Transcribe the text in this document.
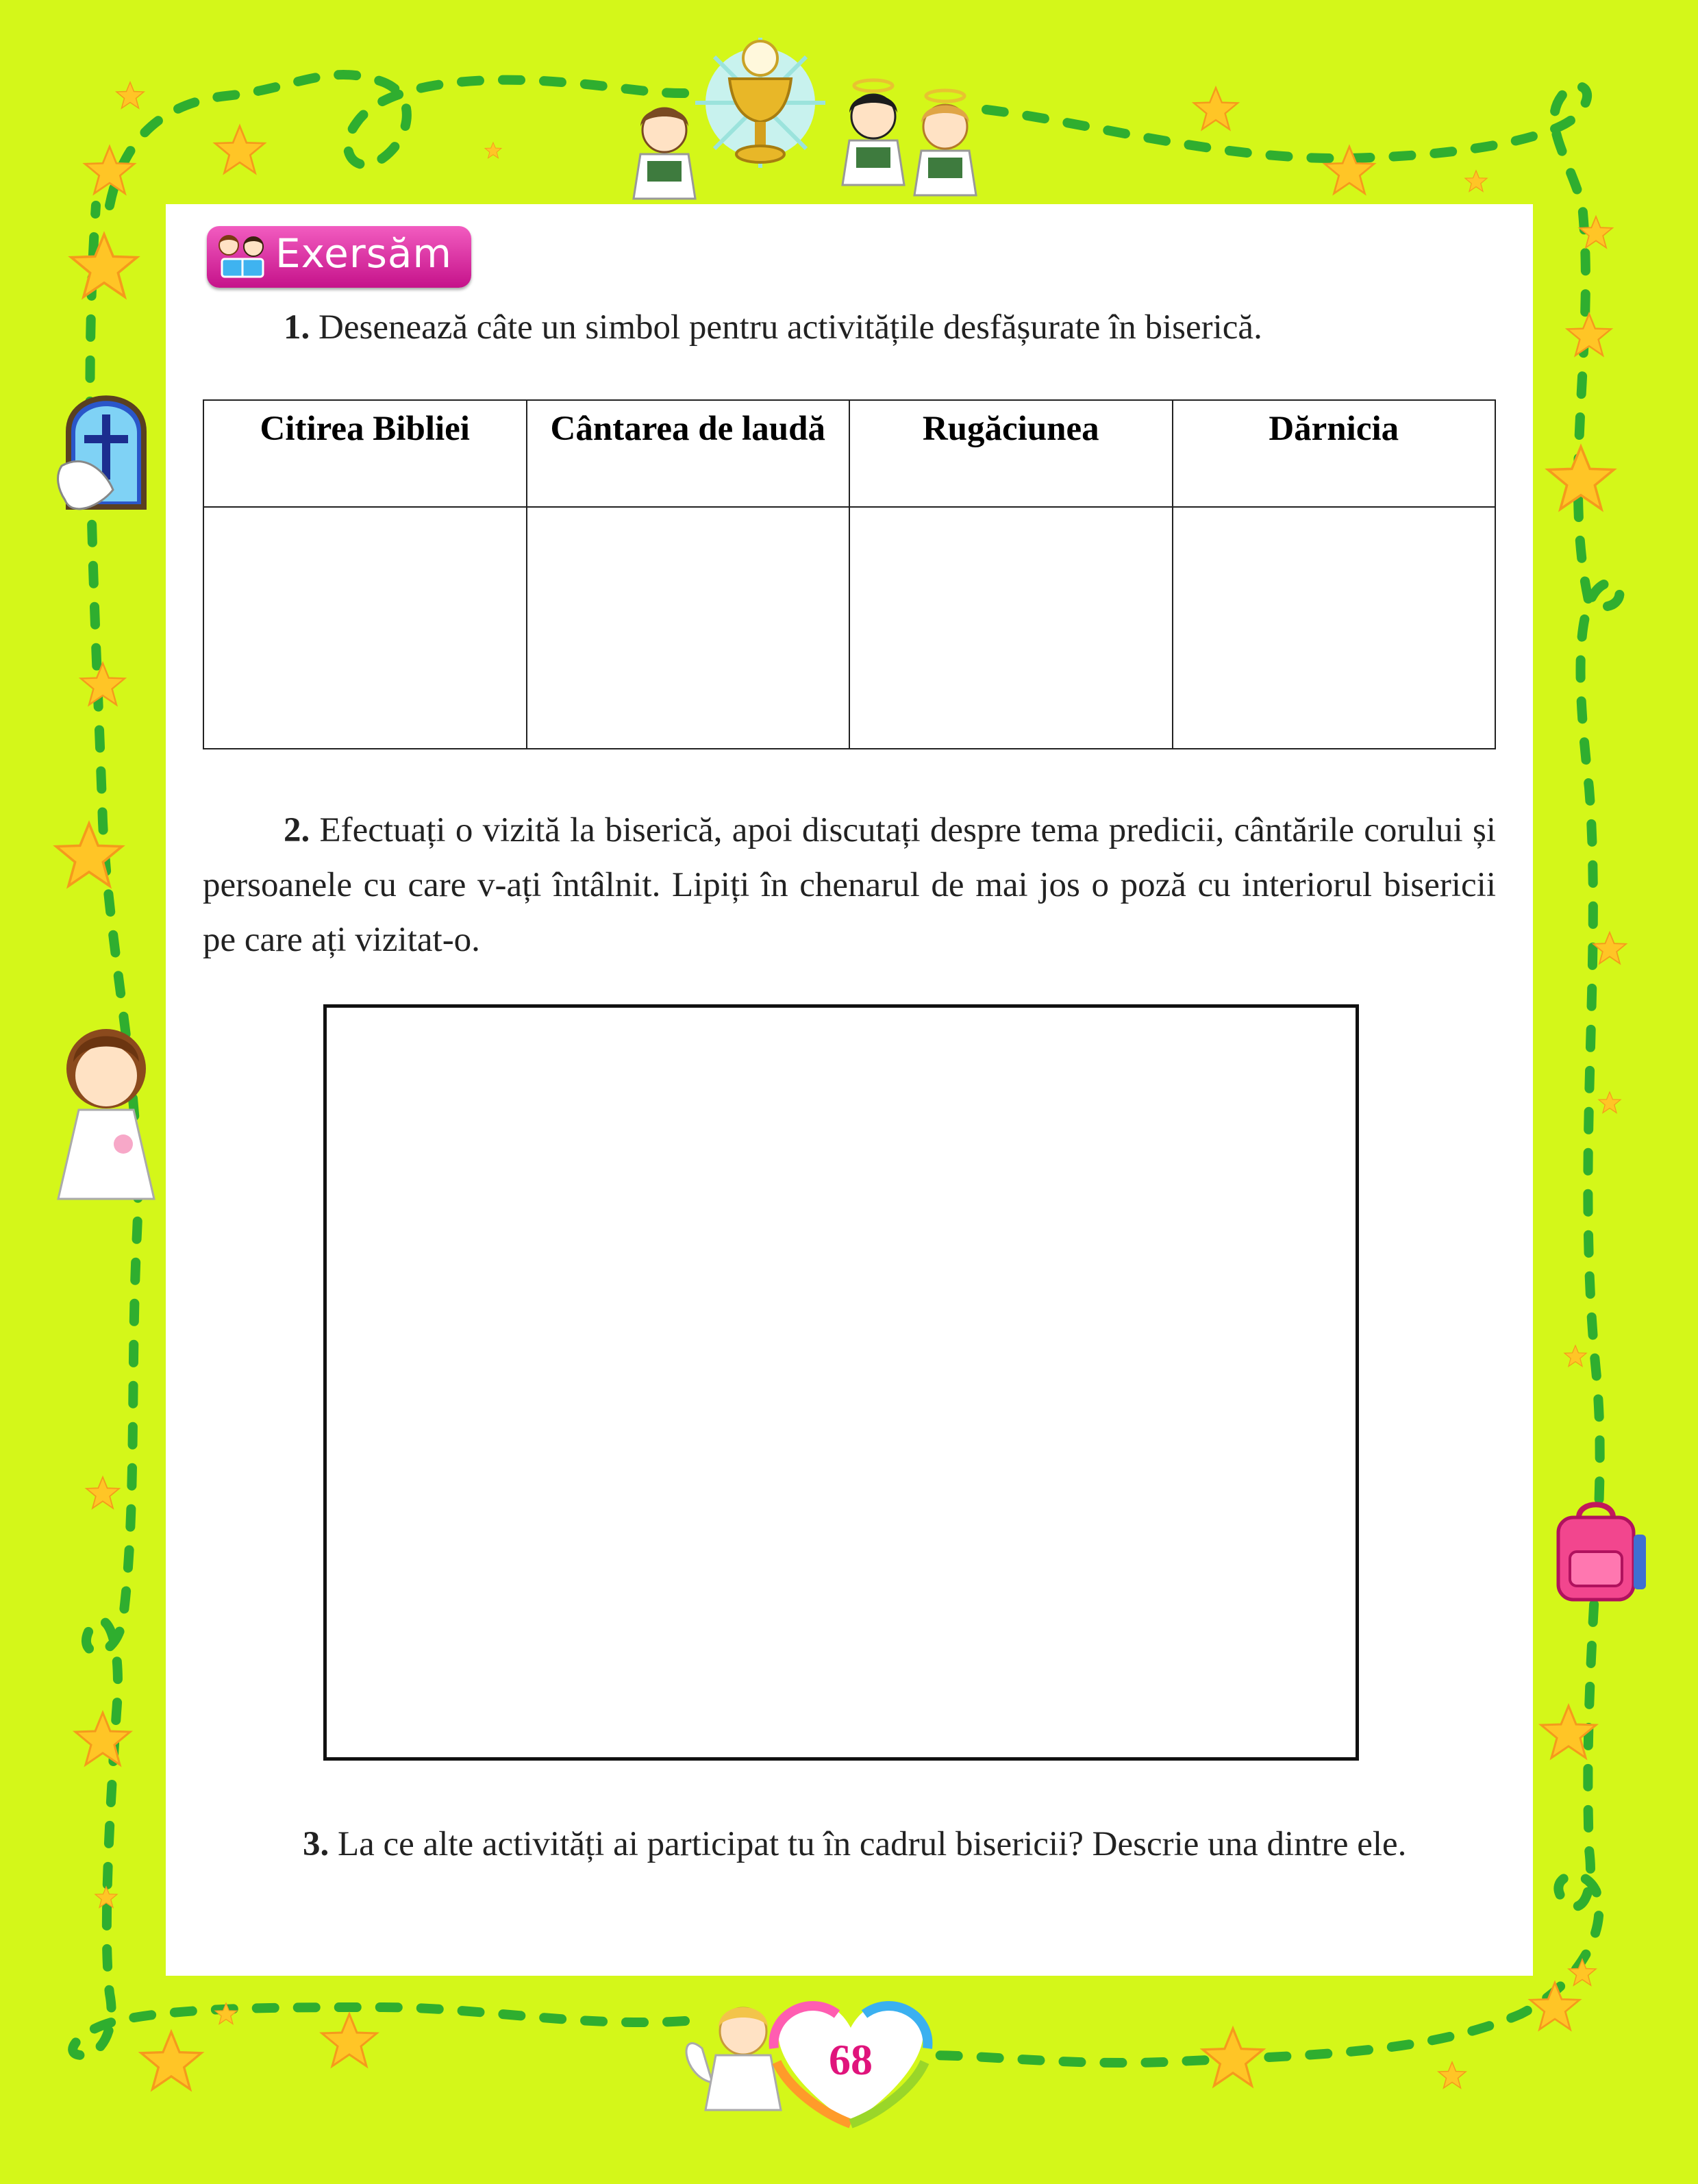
Exersăm
1. Desenează câte un simbol pentru activitățile desfășurate în biserică.
Citirea Bibliei	Cântarea de laudă	Rugăciunea	Dărnicia

2. Efectuați o vizită la biserică, apoi discutați despre tema predicii, cântările corului și persoanele cu care v-ați întâlnit. Lipiți în chenarul de mai jos o poză cu interiorul bisericii pe care ați vizitat-o.
3. La ce alte activități ai participat tu în cadrul bisericii? Descrie una dintre ele.
68
